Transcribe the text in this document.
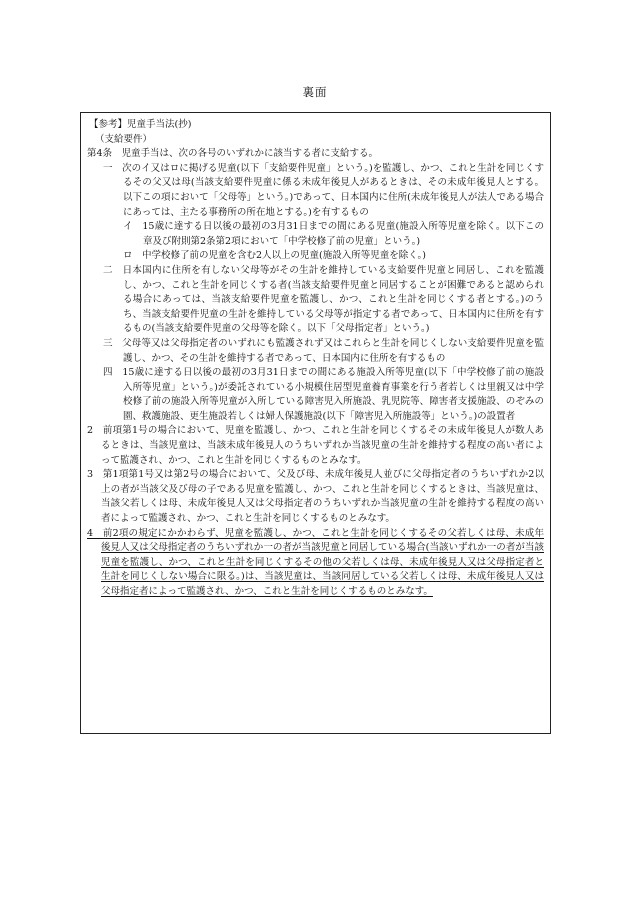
裏面

【参考】児童手当法(抄)

（支給要件）

第4条　児童手当は、次の各号のいずれかに該当する者に支給する。

一　次のイ又はロに掲げる児童(以下「支給要件児童」という。)を監護し、かつ、これと生計を同じくするその父又は母(当該支給要件児童に係る未成年後見人があるときは、その未成年後見人とする。以下この項において「父母等」という。)であって、日本国内に住所(未成年後見人が法人である場合にあっては、主たる事務所の所在地とする。)を有するもの

イ　15歳に達する日以後の最初の3月31日までの間にある児童(施設入所等児童を除く。以下この章及び附則第2条第2項において「中学校修了前の児童」という。)

ロ　中学校修了前の児童を含む2人以上の児童(施設入所等児童を除く。)

二　日本国内に住所を有しない父母等がその生計を維持している支給要件児童と同居し、これを監護し、かつ、これと生計を同じくする者(当該支給要件児童と同居することが困難であると認められる場合にあっては、当該支給要件児童を監護し、かつ、これと生計を同じくする者とする。)のうち、当該支給要件児童の生計を維持している父母等が指定する者であって、日本国内に住所を有するもの(当該支給要件児童の父母等を除く。以下「父母指定者」という。)

三　父母等又は父母指定者のいずれにも監護されず又はこれらと生計を同じくしない支給要件児童を監護し、かつ、その生計を維持する者であって、日本国内に住所を有するもの

四　15歳に達する日以後の最初の3月31日までの間にある施設入所等児童(以下「中学校修了前の施設入所等児童」という。)が委託されている小規模住居型児童養育事業を行う者若しくは里親又は中学校修了前の施設入所等児童が入所している障害児入所施設、乳児院等、障害者支援施設、のぞみの園、救護施設、更生施設若しくは婦人保護施設(以下「障害児入所施設等」という。)の設置者

2　前項第1号の場合において、児童を監護し、かつ、これと生計を同じくするその未成年後見人が数人あるときは、当該児童は、当該未成年後見人のうちいずれか当該児童の生計を維持する程度の高い者によって監護され、かつ、これと生計を同じくするものとみなす。

3　第1項第1号又は第2号の場合において、父及び母、未成年後見人並びに父母指定者のうちいずれか2以上の者が当該父及び母の子である児童を監護し、かつ、これと生計を同じくするときは、当該児童は、当該父若しくは母、未成年後見人又は父母指定者のうちいずれか当該児童の生計を維持する程度の高い者によって監護され、かつ、これと生計を同じくするものとみなす。

4　前2項の規定にかかわらず、児童を監護し、かつ、これと生計を同じくするその父若しくは母、未成年後見人又は父母指定者のうちいずれか一の者が当該児童と同居している場合(当該いずれか一の者が当該児童を監護し、かつ、これと生計を同じくするその他の父若しくは母、未成年後見人又は父母指定者と生計を同じくしない場合に限る。)は、当該児童は、当該同居している父若しくは母、未成年後見人又は父母指定者によって監護され、かつ、これと生計を同じくするものとみなす。
